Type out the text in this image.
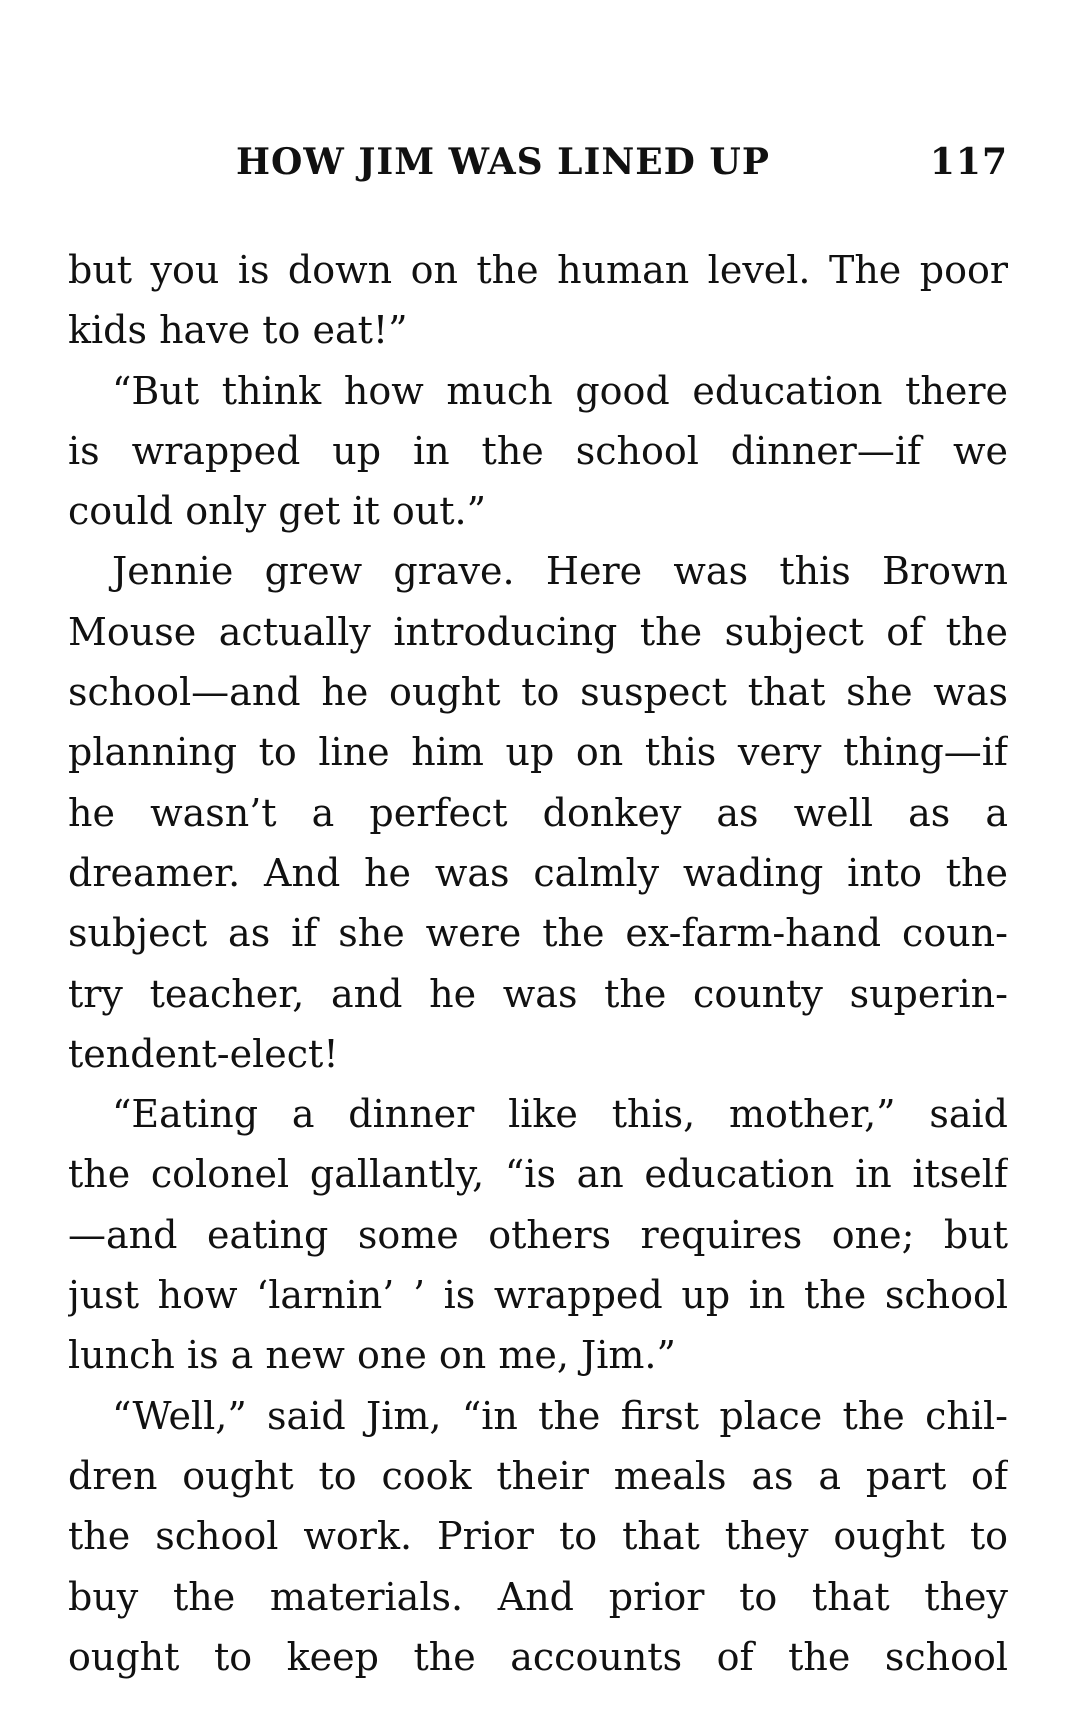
HOW JIM WAS LINED UP	117
but you is down on the human level. The poor
kids have to eat!”
“But think how much good education there
is wrapped up in the school dinner—if we
could only get it out.”
Jennie grew grave. Here was this Brown
Mouse actually introducing the subject of the
school—and he ought to suspect that she was
planning to line him up on this very thing—if
he wasn’t a perfect donkey as well as a
dreamer. And he was calmly wading into the
subject as if she were the ex-farm-hand coun-
try teacher, and he was the county superin-
tendent-elect!
“Eating a dinner like this, mother,” said
the colonel gallantly, “is an education in itself
—and eating some others requires one; but
just how ‘larnin’ ’ is wrapped up in the school
lunch is a new one on me, Jim.”
“Well,” said Jim, “in the first place the chil-
dren ought to cook their meals as a part of
the school work. Prior to that they ought to
buy the materials. And prior to that they
ought to keep the accounts of the school
